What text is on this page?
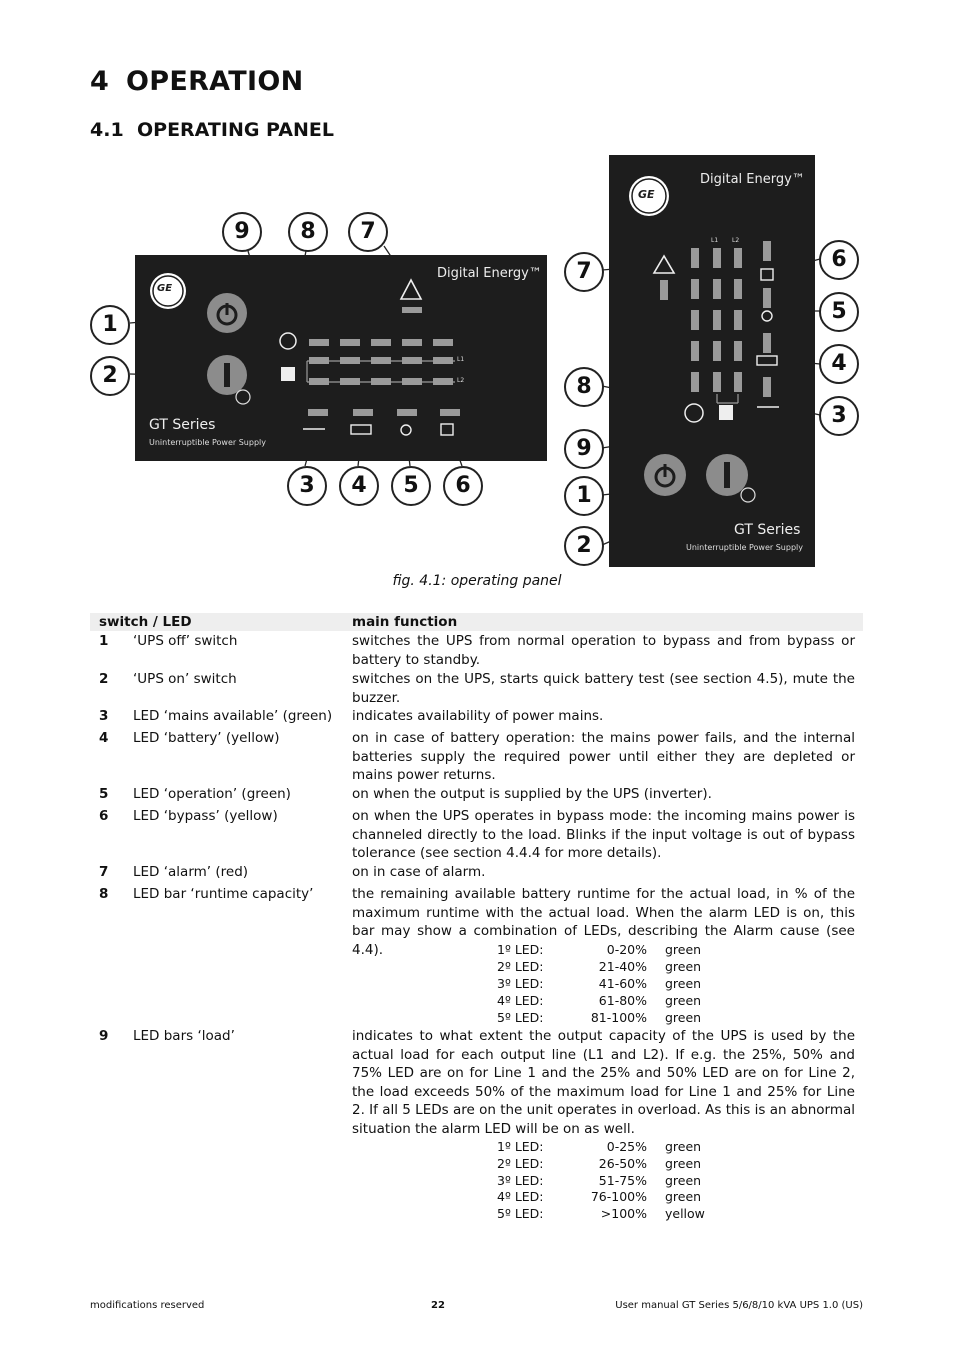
4 OPERATION
4.1 OPERATING PANEL
Digital Energy™
GE
GT Series
Uninterruptible Power Supply
L1
L2
Digital Energy™
GE
L1 L2
GT Series
Uninterruptible Power Supply
1
2
3	4	5	6
7
8
9
7
8
9
1
2
6
5
4
3
fig. 4.1: operating panel
switch / LED	main function
1 ‘UPS off’ switch	switches the UPS from normal operation to bypass and from bypass or battery to standby.
2 ‘UPS on’ switch	switches on the UPS, starts quick battery test (see section 4.5), mute the buzzer.
3 LED ‘mains available’ (green)	indicates availability of power mains.
4 LED ‘battery’ (yellow)	on in case of battery operation: the mains power fails, and the internal batteries supply the required power until either they are depleted or mains power returns.
5 LED ‘operation’ (green)	on when the output is supplied by the UPS (inverter).
6 LED ‘bypass’ (yellow)	on when the UPS operates in bypass mode: the incoming mains power is channeled directly to the load. Blinks if the input voltage is out of bypass tolerance (see section 4.4.4 for more details).
7 LED ‘alarm’ (red)	on in case of alarm.
8 LED bar ‘runtime capacity’	the remaining available battery runtime for the actual load, in % of the maximum runtime with the actual load. When the alarm LED is on, this bar may show a combination of LEDs, describing the Alarm cause (see 4.4).	1º LED:	0-20% green
2º LED:	21-40% green
3º LED:	41-60% green
4º LED:	61-80% green
5º LED:	81-100% green
9 LED bars ‘load’	indicates to what extent the output capacity of the UPS is used by the actual load for each output line (L1 and L2). If e.g. the 25%, 50% and 75% LED are on for Line 1 and the 25% and 50% LED are on for Line 2, the load exceeds 50% of the maximum load for Line 1 and 25% for Line 2. If all 5 LEDs are on the unit operates in overload. As this is an abnormal situation the alarm LED will be on as well.
1º LED:	0-25% green
2º LED:	26-50% green
3º LED:	51-75% green
4º LED:	76-100% green
5º LED:	>100% yellow
modifications reserved	22	User manual GT Series 5/6/8/10 kVA UPS 1.0 (US)
